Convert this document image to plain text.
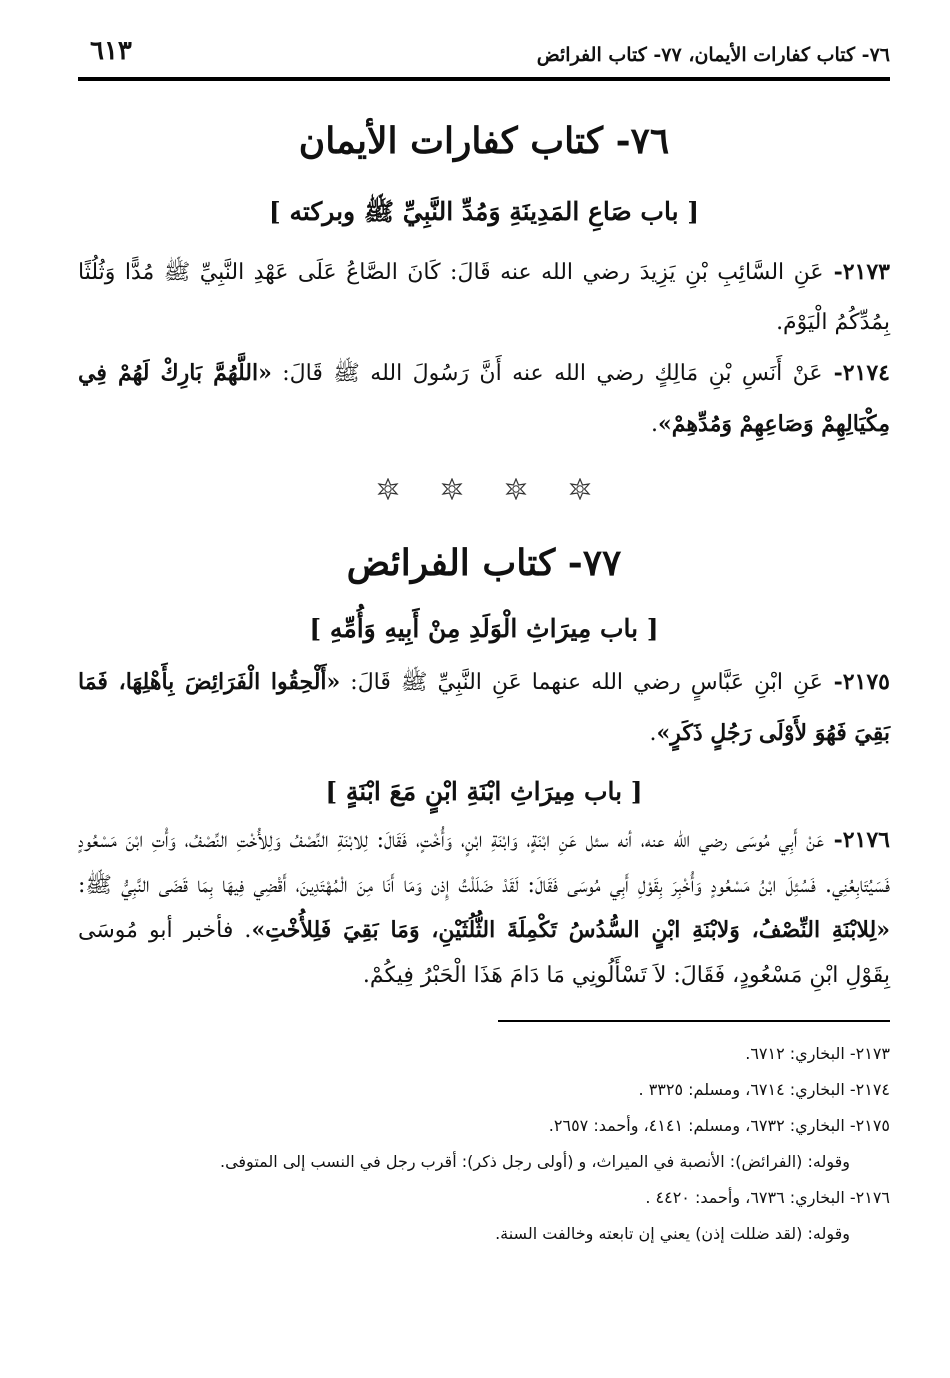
٧٦- كتاب كفارات الأيمان، ٧٧- كتاب الفرائض
٦١٣
٧٦- كتاب كفارات الأيمان
[ باب صَاعِ المَدِينَةِ وَمُدِّ النَّبِيِّ ﷺ وبركته ]

٢١٧٣- عَنِ السَّائِبِ بْنِ يَزِيدَ رضي الله عنه قَالَ: كَانَ الصَّاعُ عَلَى عَهْدِ النَّبِيِّ ﷺ مُدًّا وَثُلُثًا بِمُدِّكُمُ الْيَوْمَ.

٢١٧٤- عَنْ أَنَسِ بْنِ مَالِكٍ رضي الله عنه أَنَّ رَسُولَ الله ﷺ قَالَ: «اللَّهُمَّ بَارِكْ لَهُمْ فِي مِكْيَالِهِمْ وَصَاعِهِمْ وَمُدِّهِمْ».

٧٧- كتاب الفرائض
[ باب مِيرَاثِ الْوَلَدِ مِنْ أَبِيهِ وَأُمِّهِ ]

٢١٧٥- عَنِ ابْنِ عَبَّاسٍ رضي الله عنهما عَنِ النَّبِيِّ ﷺ قَالَ: «أَلْحِقُوا الْفَرَائِضَ بِأَهْلِهَا، فَمَا بَقِيَ فَهُوَ لأَوْلَى رَجُلٍ ذَكَرٍ».

[ باب مِيرَاثِ ابْنَةِ ابْنٍ مَعَ ابْنَةٍ ]

٢١٧٦- عَنْ أَبِي مُوسَى رضي الله عنه، أنه سئل عَنِ ابْنَةٍ، وَابْنَةِ ابْنٍ، وَأُخْتٍ، فَقَالَ: لِلابْنَةِ النِّصْفُ وَلِلأُخْتِ النِّصْفُ، وَأْتِ ابْنَ مَسْعُودٍ فَسَيُتَابِعُنِي. فَسُئِلَ ابْنُ مَسْعُودٍ وَأُخْبِرَ بِقَوْلِ أَبِي مُوسَى فَقَالَ: لَقَدْ ضَلَلْتُ إِذن وَمَا أَنَا مِنَ الْمُهْتَدِينَ، أَقْضِي فِيهَا بِمَا قَضَى النَّبِيُّ ﷺ: «لِلابْنَةِ النِّصْفُ، وَلابْنَةِ ابْنٍ السُّدُسُ تَكْمِلَةَ الثُّلُثَيْنِ، وَمَا بَقِيَ فَلِلأُخْتِ». فأخبر أبو مُوسَى بِقَوْلِ ابْنِ مَسْعُودٍ، فَقَالَ: لاَ تَسْأَلُونِي مَا دَامَ هَذَا الْحَبْرُ فِيكُمْ.

٢١٧٣- البخاري: ٦٧١٢.

٢١٧٤- البخاري: ٦٧١٤، ومسلم: ٣٣٢٥ .

٢١٧٥- البخاري: ٦٧٣٢، ومسلم: ٤١٤١، وأحمد: ٢٦٥٧.

وقوله: (الفرائض): الأنصبة في الميراث، و (أولى رجل ذكر): أقرب رجل في النسب إلى المتوفى.

٢١٧٦- البخاري: ٦٧٣٦، وأحمد: ٤٤٢٠ .

وقوله: (لقد ضللت إذن) يعني إن تابعته وخالفت السنة.
